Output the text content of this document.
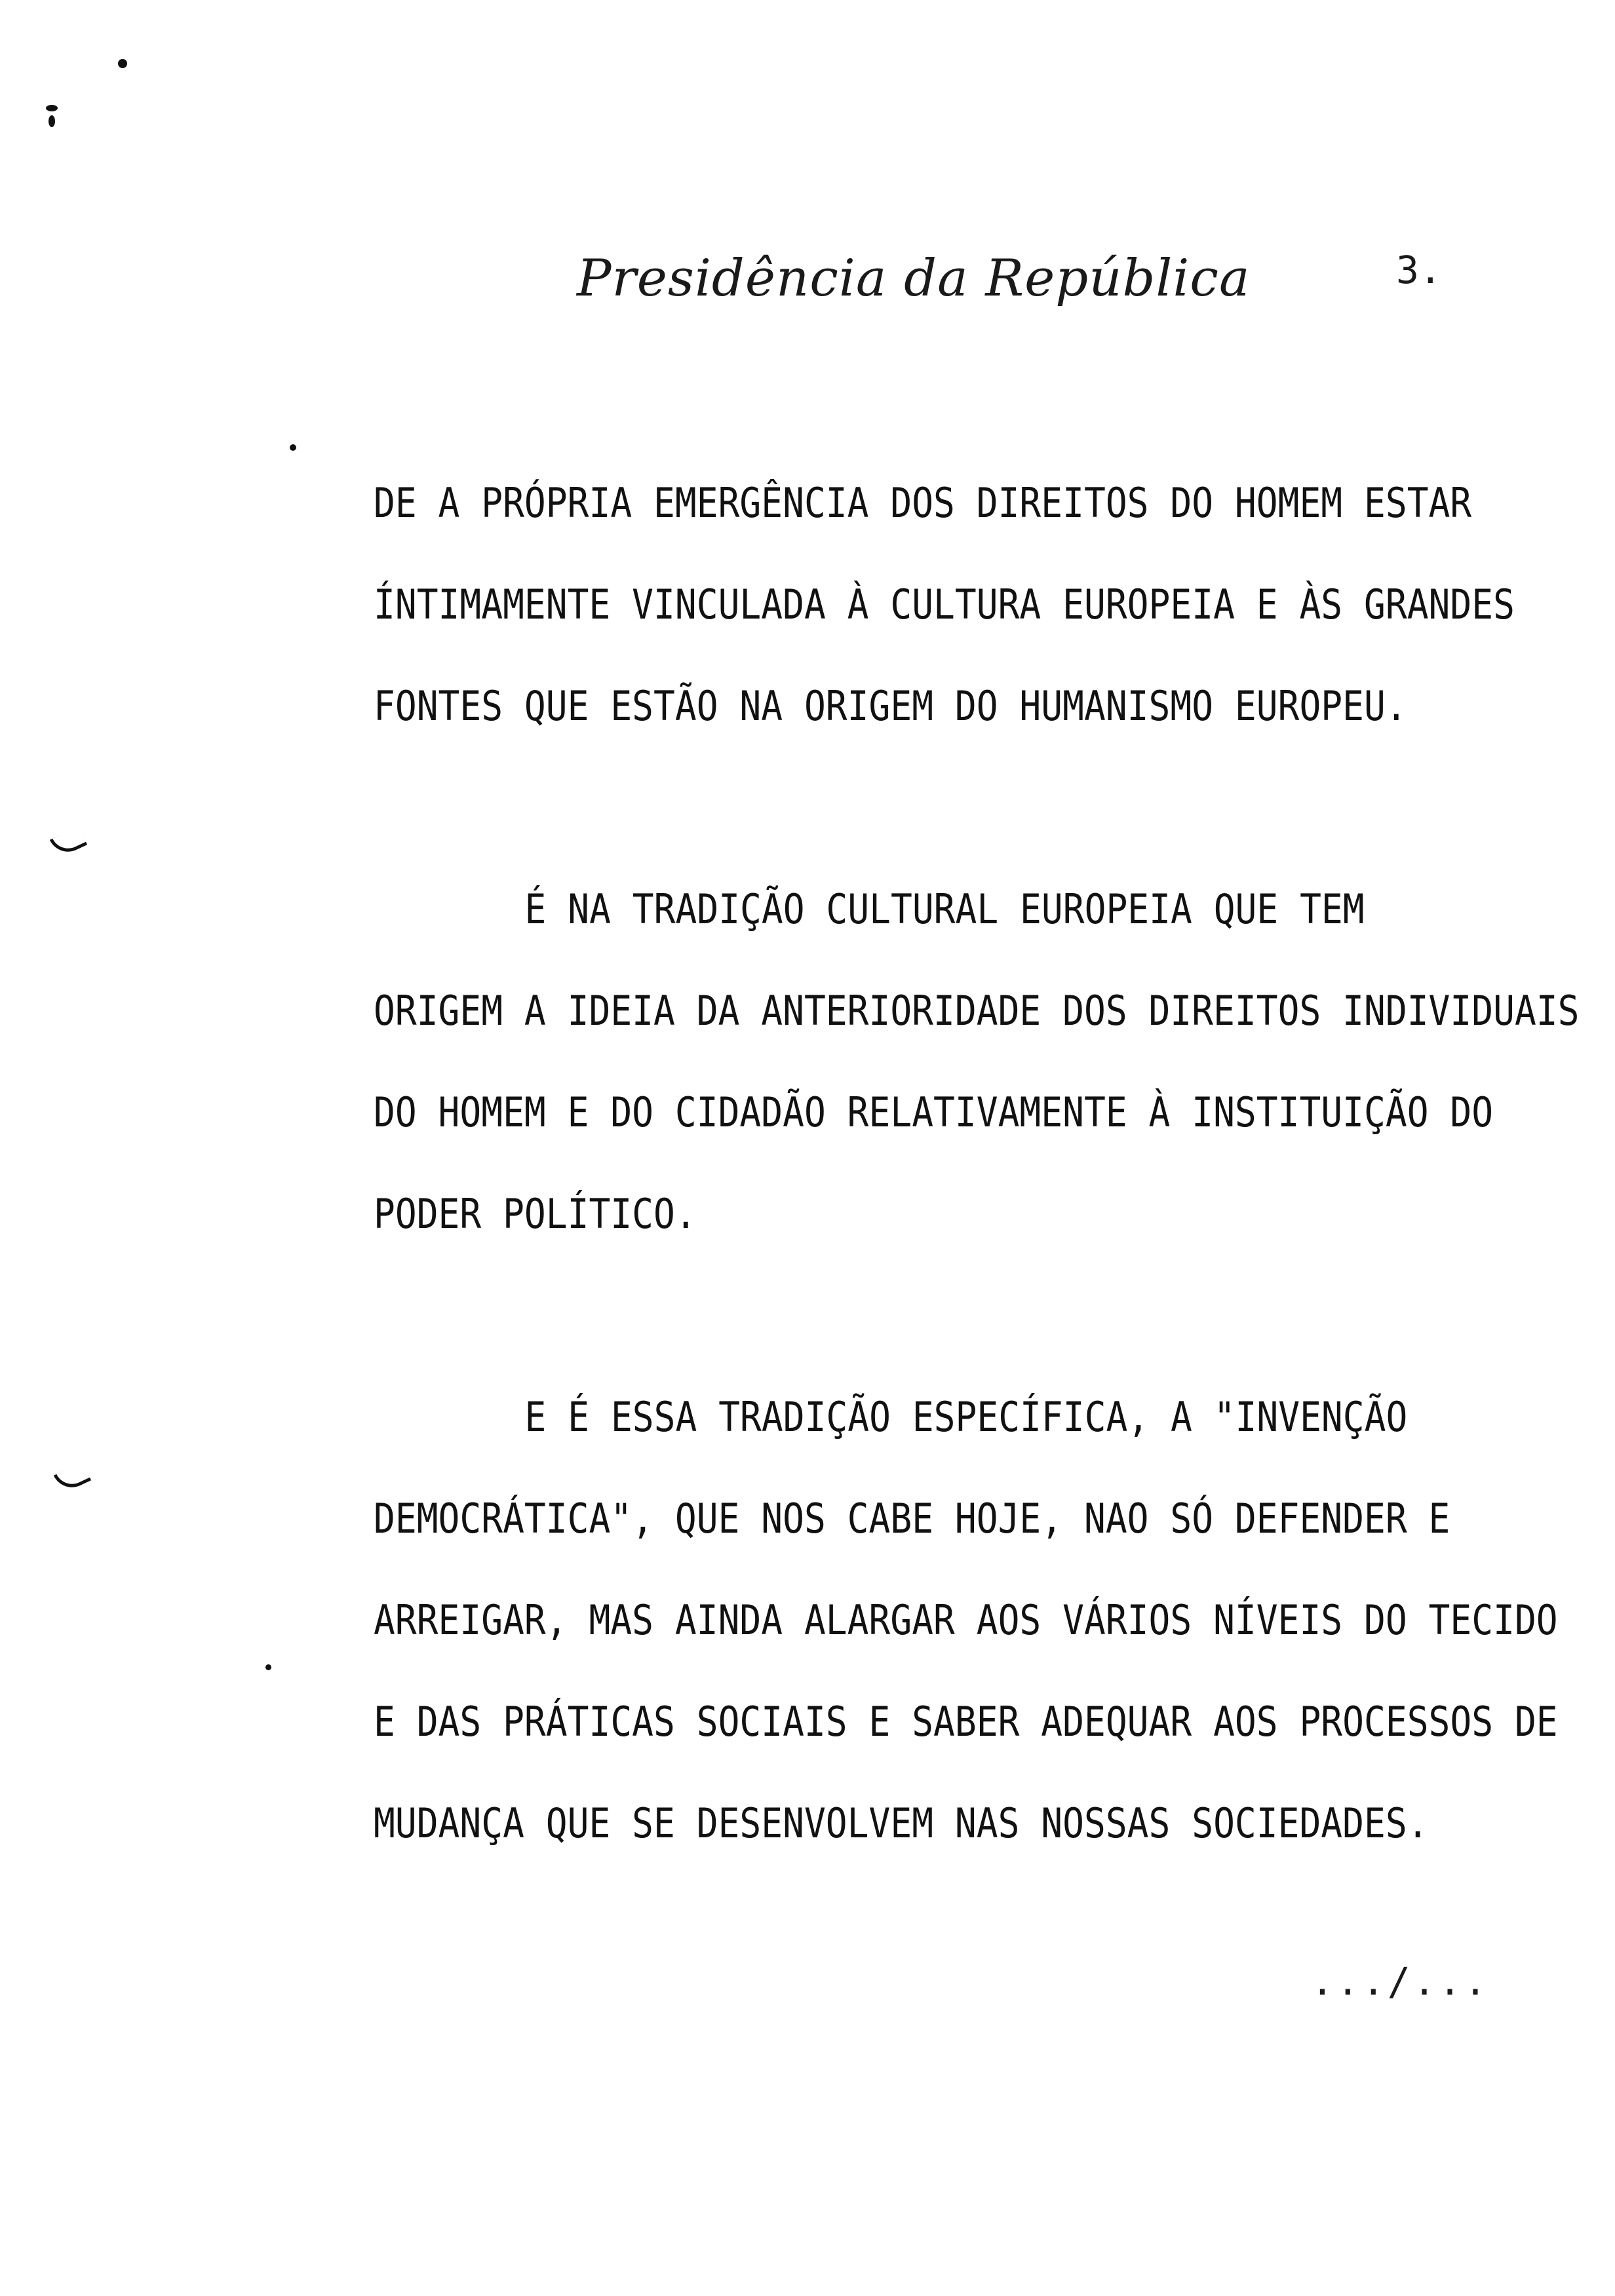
Presidência da República	3.
DE A PRÓPRIA EMERGÊNCIA DOS DIREITOS DO HOMEM ESTAR
ÍNTIMAMENTE VINCULADA À CULTURA EUROPEIA E ÀS GRANDES
FONTES QUE ESTÃO NA ORIGEM DO HUMANISMO EUROPEU.
É NA TRADIÇÃO CULTURAL EUROPEIA QUE TEM
ORIGEM A IDEIA DA ANTERIORIDADE DOS DIREITOS INDIVIDUAIS
DO HOMEM E DO CIDADÃO RELATIVAMENTE À INSTITUIÇÃO DO
PODER POLÍTICO.
E É ESSA TRADIÇÃO ESPECÍFICA, A "INVENÇÃO
DEMOCRÁTICA", QUE NOS CABE HOJE, NAO SÓ DEFENDER E
ARREIGAR, MAS AINDA ALARGAR AOS VÁRIOS NÍVEIS DO TECIDO
E DAS PRÁTICAS SOCIAIS E SABER ADEQUAR AOS PROCESSOS DE
MUDANÇA QUE SE DESENVOLVEM NAS NOSSAS SOCIEDADES.
.../...
